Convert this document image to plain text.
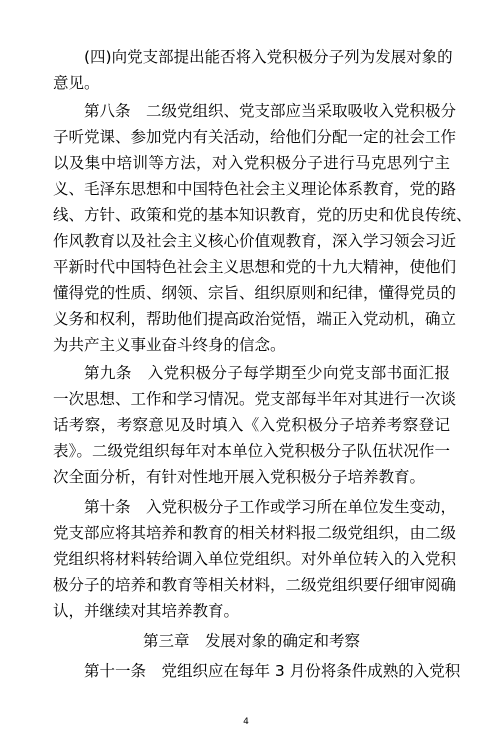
(四)向党支部提出能否将入党积极分子列为发展对象的
意见。
第八条　二级党组织、党支部应当采取吸收入党积极分
子听党课、参加党内有关活动，给他们分配一定的社会工作
以及集中培训等方法，对入党积极分子进行马克思列宁主
义、毛泽东思想和中国特色社会主义理论体系教育，党的路
线、方针、政策和党的基本知识教育，党的历史和优良传统、
作风教育以及社会主义核心价值观教育，深入学习领会习近
平新时代中国特色社会主义思想和党的十九大精神，使他们
懂得党的性质、纲领、宗旨、组织原则和纪律，懂得党员的
义务和权利，帮助他们提高政治觉悟，端正入党动机，确立
为共产主义事业奋斗终身的信念。
第九条　入党积极分子每学期至少向党支部书面汇报
一次思想、工作和学习情况。党支部每半年对其进行一次谈
话考察，考察意见及时填入《入党积极分子培养考察登记
表》。二级党组织每年对本单位入党积极分子队伍状况作一
次全面分析，有针对性地开展入党积极分子培养教育。
第十条　入党积极分子工作或学习所在单位发生变动，
党支部应将其培养和教育的相关材料报二级党组织，由二级
党组织将材料转给调入单位党组织。对外单位转入的入党积
极分子的培养和教育等相关材料，二级党组织要仔细审阅确
认，并继续对其培养教育。
第三章　发展对象的确定和考察
第十一条　党组织应在每年 3 月份将条件成熟的入党积
4
